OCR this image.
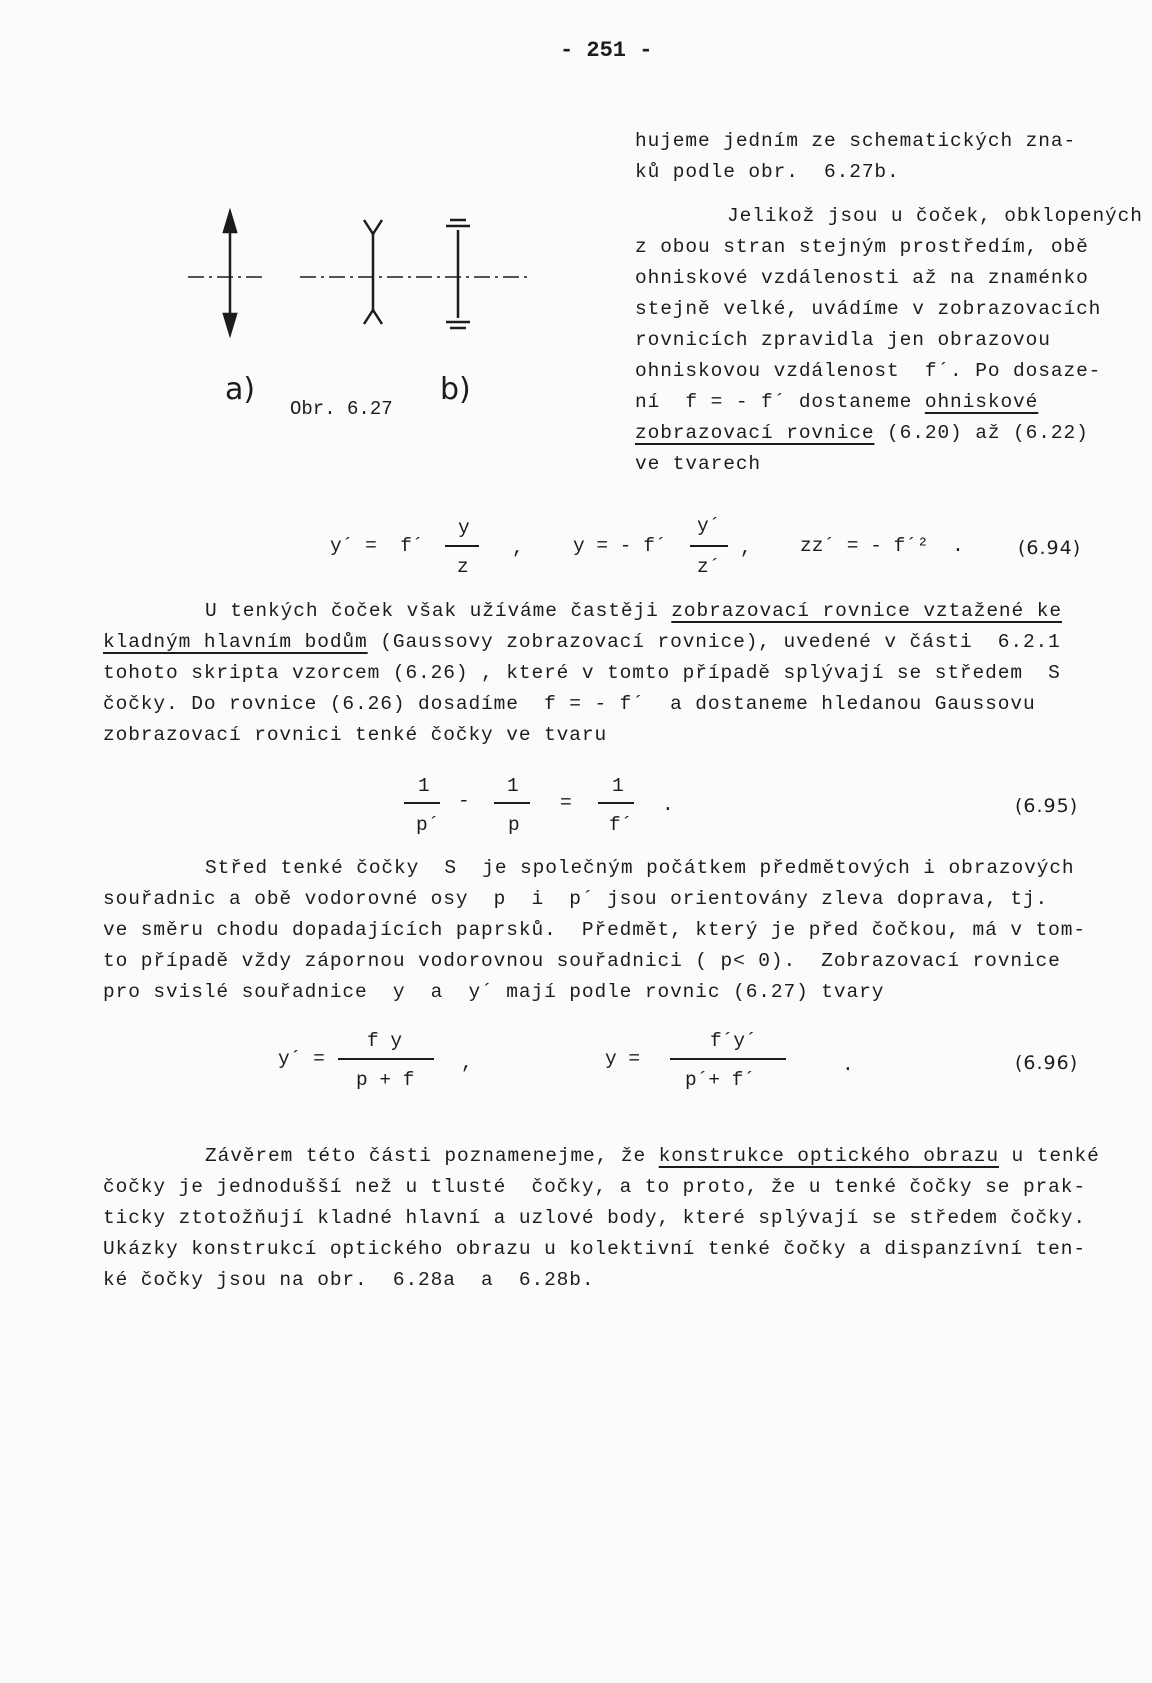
- 251 -
a)	b)
Obr. 6.27
hujeme jedním ze schematických zna-
ků podle obr.  6.27b.
Jelikož jsou u čoček, obklopených
z obou stran stejným prostředím, obě
ohniskové vzdálenosti až na znaménko
stejně velké, uvádíme v zobrazovacích
rovnicích zpravidla jen obrazovou
ohniskovou vzdálenost  f´. Po dosaze-
ní  f = - f´ dostaneme ohniskové
zobrazovací rovnice (6.20) až (6.22)
ve tvarech
y´ =  f´
y
z
,	y = - f´
y´
z´
, zz´ = - f´²  .	(6.94)
U tenkých čoček však užíváme častěji zobrazovací rovnice vztažené ke
kladným hlavním bodům (Gaussovy zobrazovací rovnice), uvedené v části  6.2.1
tohoto skripta vzorcem (6.26) , které v tomto případě splývají se středem  S
čočky. Do rovnice (6.26) dosadíme  f = - f´  a dostaneme hledanou Gaussovu
zobrazovací rovnici tenké čočky ve tvaru
1
p´
-
1
p
=
1
f´
.	(6.95)
Střed tenké čočky  S  je společným počátkem předmětových i obrazových
souřadnic a obě vodorovné osy  p  i  p´ jsou orientovány zleva doprava, tj.
ve směru chodu dopadajících paprsků.  Předmět, který je před čočkou, má v tom-
to případě vždy zápornou vodorovnou souřadnici ( p< 0).  Zobrazovací rovnice
pro svislé souřadnice  y  a  y´ mají podle rovnic (6.27) tvary
y´ =
f y
p + f
,	y =
f´y´
p´+ f´
.	(6.96)
Závěrem této části poznamenejme, že konstrukce optického obrazu u tenké
čočky je jednodušší než u tlusté  čočky, a to proto, že u tenké čočky se prak-
ticky ztotožňují kladné hlavní a uzlové body, které splývají se středem čočky.
Ukázky konstrukcí optického obrazu u kolektivní tenké čočky a dispanzívní ten-
ké čočky jsou na obr.  6.28a  a  6.28b.
